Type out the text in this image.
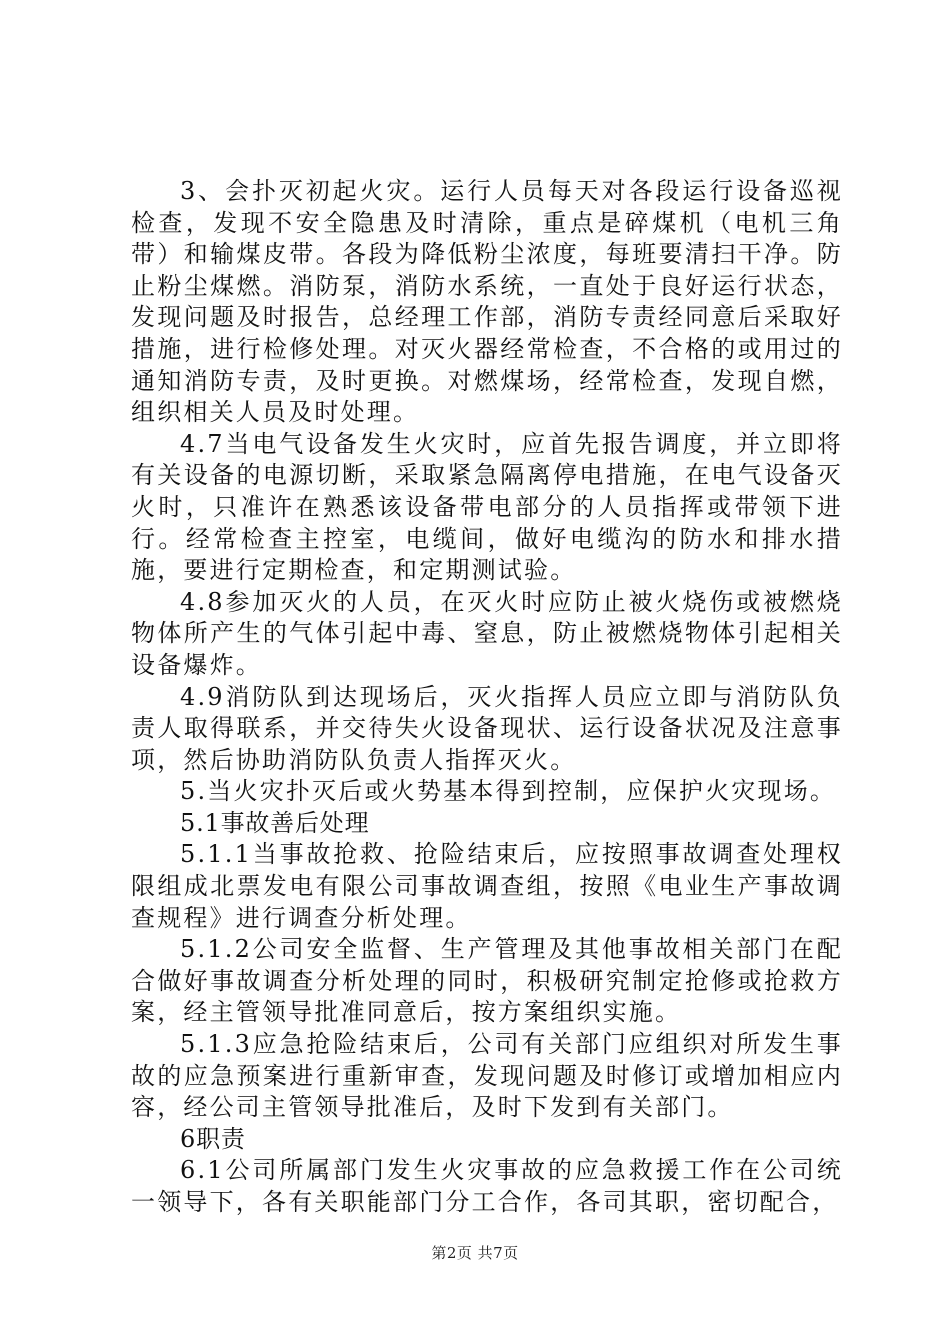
3、会扑灭初起火灾。运行人员每天对各段运行设备巡视检查，发现不安全隐患及时清除，重点是碎煤机（电机三角带）和输煤皮带。各段为降低粉尘浓度，每班要清扫干净。防止粉尘煤燃。消防泵，消防水系统，一直处于良好运行状态，发现问题及时报告，总经理工作部，消防专责经同意后采取好措施，进行检修处理。对灭火器经常检查，不合格的或用过的通知消防专责，及时更换。对燃煤场，经常检查，发现自燃，组织相关人员及时处理。

4.7当电气设备发生火灾时，应首先报告调度，并立即将有关设备的电源切断，采取紧急隔离停电措施，在电气设备灭火时，只准许在熟悉该设备带电部分的人员指挥或带领下进行。经常检查主控室，电缆间，做好电缆沟的防水和排水措施，要进行定期检查，和定期测试验。

4.8参加灭火的人员，在灭火时应防止被火烧伤或被燃烧物体所产生的气体引起中毒、窒息，防止被燃烧物体引起相关设备爆炸。

4.9消防队到达现场后，灭火指挥人员应立即与消防队负责人取得联系，并交待失火设备现状、运行设备状况及注意事项，然后协助消防队负责人指挥灭火。

5.当火灾扑灭后或火势基本得到控制，应保护火灾现场。

5.1事故善后处理

5.1.1当事故抢救、抢险结束后，应按照事故调查处理权限组成北票发电有限公司事故调查组，按照《电业生产事故调查规程》进行调查分析处理。

5.1.2公司安全监督、生产管理及其他事故相关部门在配合做好事故调查分析处理的同时，积极研究制定抢修或抢救方案，经主管领导批准同意后，按方案组织实施。

5.1.3应急抢险结束后，公司有关部门应组织对所发生事故的应急预案进行重新审查，发现问题及时修订或增加相应内容，经公司主管领导批准后，及时下发到有关部门。

6职责

6.1公司所属部门发生火灾事故的应急救援工作在公司统一领导下，各有关职能部门分工合作，各司其职，密切配合，

第2页 共7页
